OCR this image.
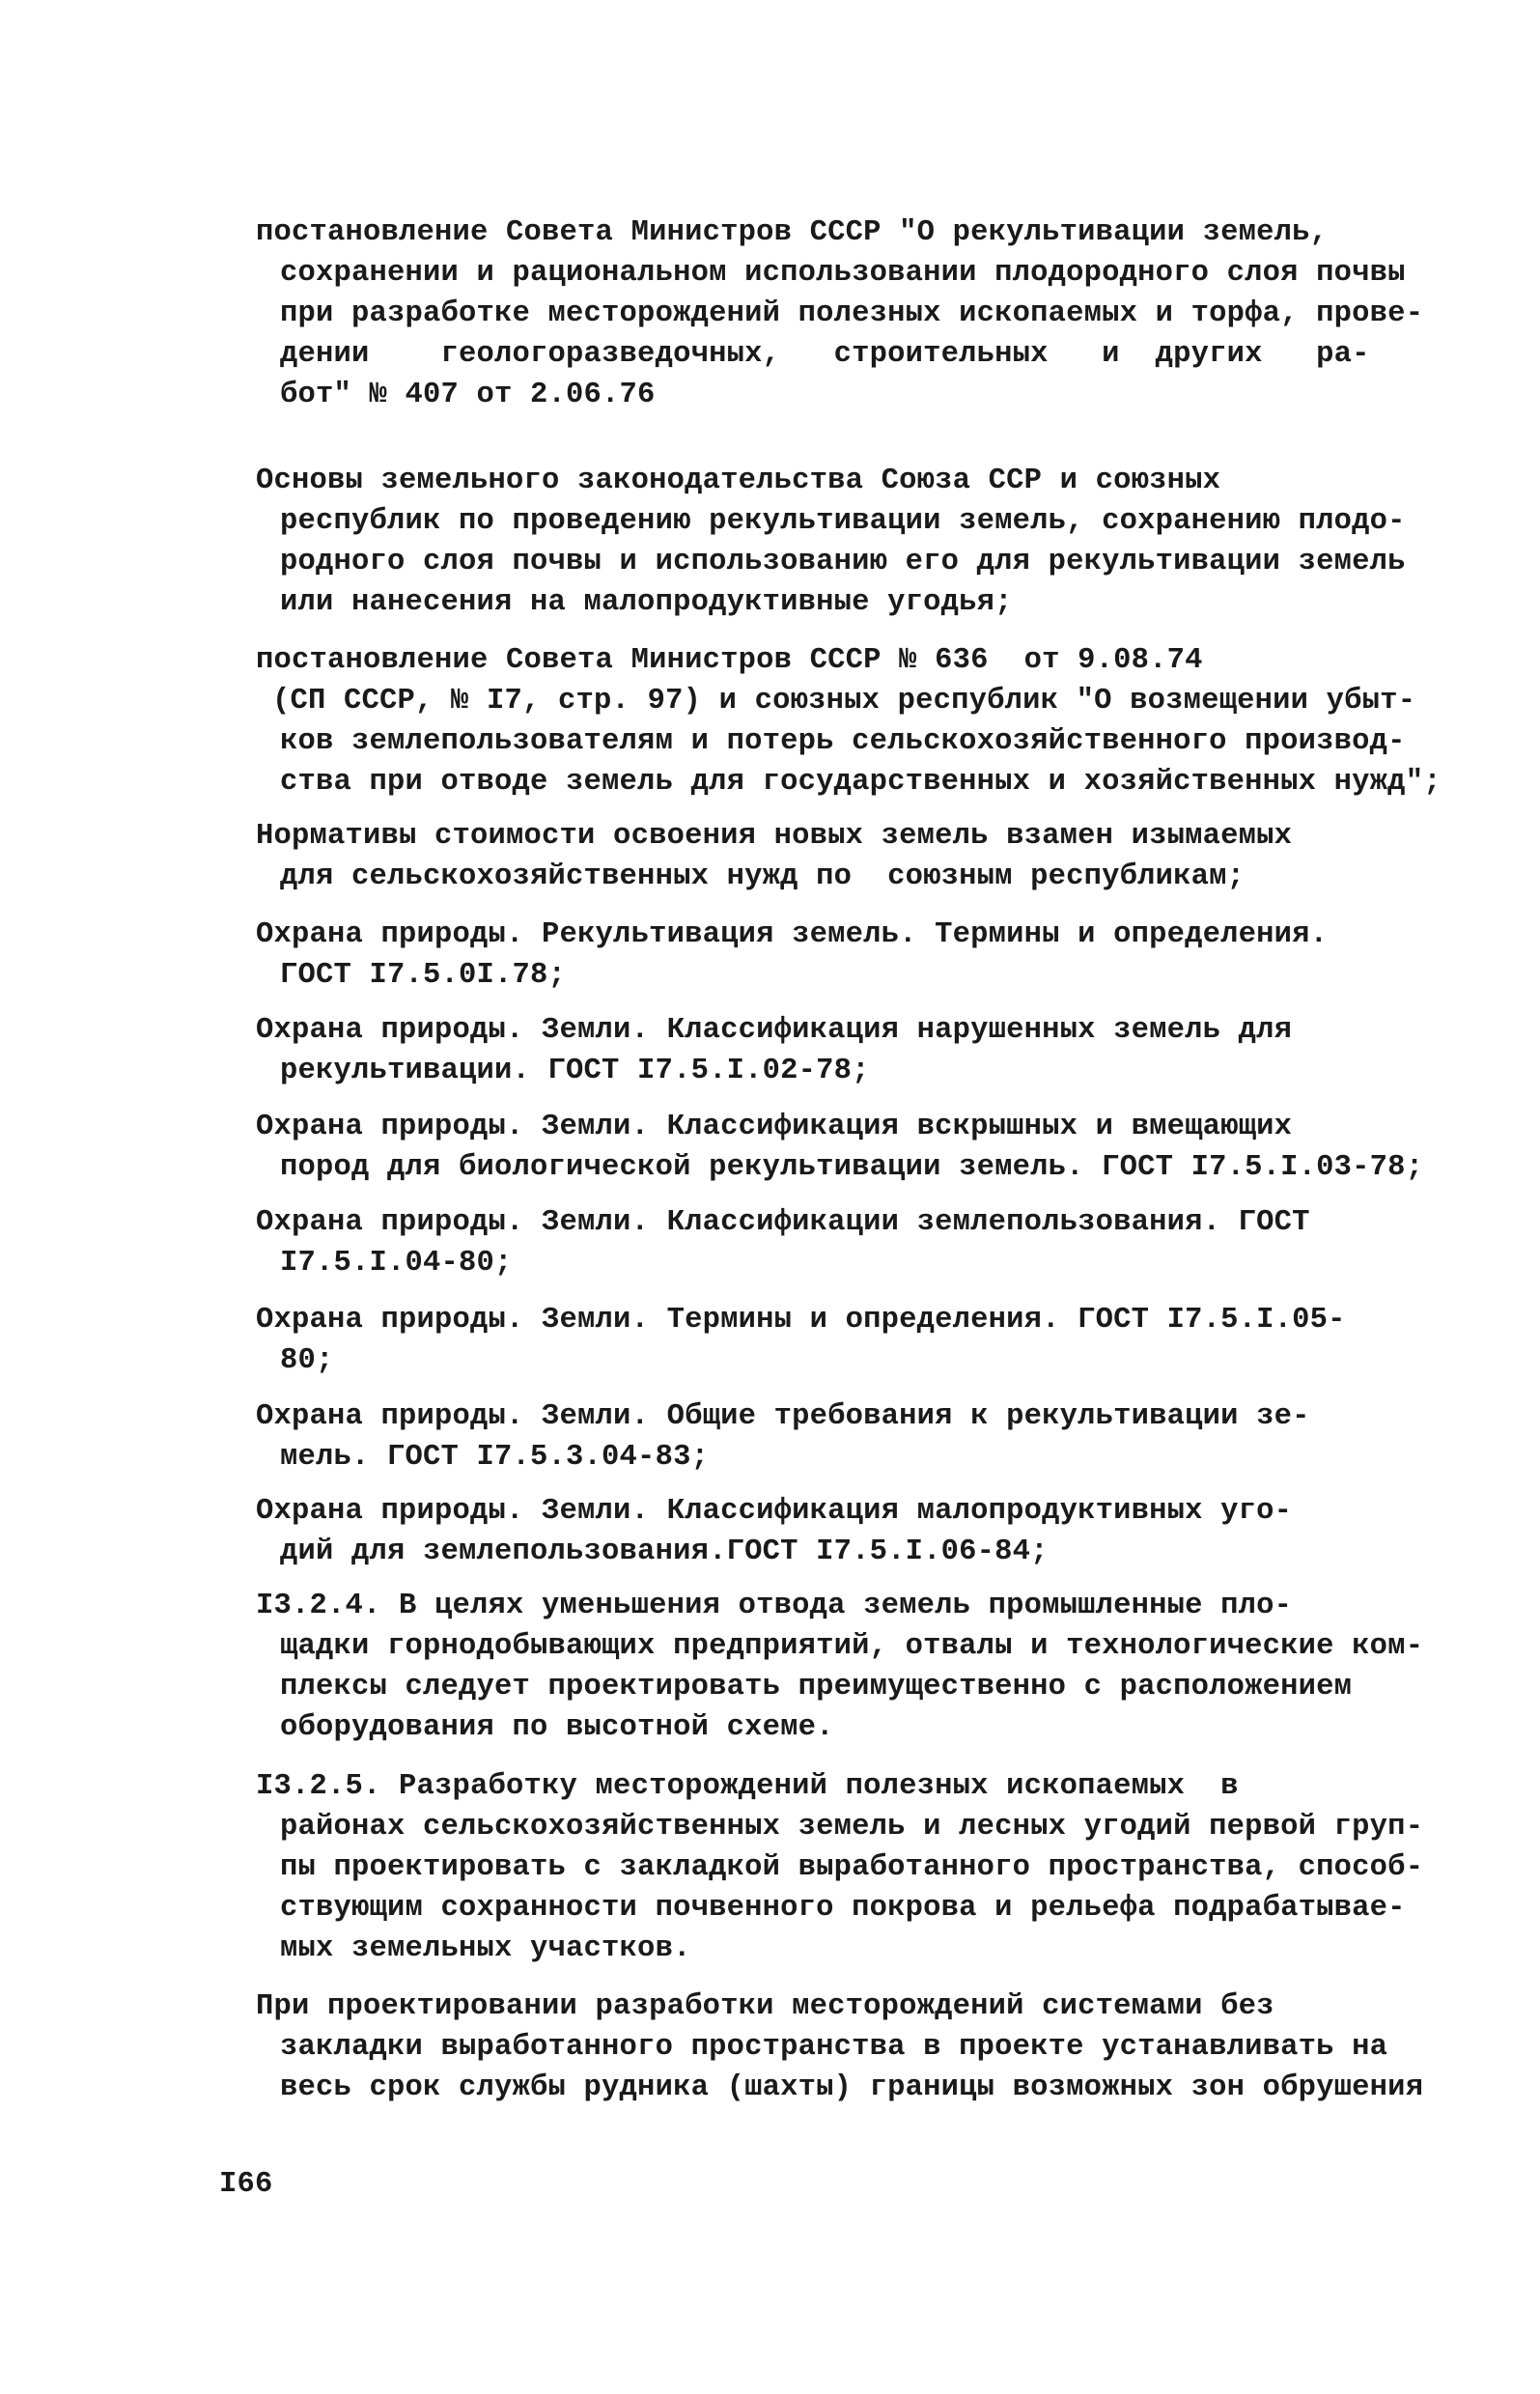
постановление Совета Министров СССР "О рекультивации земель,
сохранении и рациональном использовании плодородного слоя почвы
при разработке месторождений полезных ископаемых и торфа, прове-
дении    геологоразведочных,   строительных   и  других   ра-
бот" № 407 от 2.06.76
Основы земельного законодательства Союза ССР и союзных
республик по проведению рекультивации земель, сохранению плодо-
родного слоя почвы и использованию его для рекультивации земель
или нанесения на малопродуктивные угодья;
постановление Совета Министров СССР № 636  от 9.08.74
(СП СССР, № I7, стр. 97) и союзных республик "О возмещении убыт-
ков землепользователям и потерь сельскохозяйственного производ-
ства при отводе земель для государственных и хозяйственных нужд";
Нормативы стоимости освоения новых земель взамен изымаемых
для сельскохозяйственных нужд по  союзным республикам;
Охрана природы. Рекультивация земель. Термины и определения.
ГОСТ I7.5.0I.78;
Охрана природы. Земли. Классификация нарушенных земель для
рекультивации. ГОСТ I7.5.I.02-78;
Охрана природы. Земли. Классификация вскрышных и вмещающих
пород для биологической рекультивации земель. ГОСТ I7.5.I.03-78;
Охрана природы. Земли. Классификации землепользования. ГОСТ
I7.5.I.04-80;
Охрана природы. Земли. Термины и определения. ГОСТ I7.5.I.05-
80;
Охрана природы. Земли. Общие требования к рекультивации зе-
мель. ГОСТ I7.5.3.04-83;
Охрана природы. Земли. Классификация малопродуктивных уго-
дий для землепользования.ГОСТ I7.5.I.06-84;
I3.2.4. В целях уменьшения отвода земель промышленные пло-
щадки горнодобывающих предприятий, отвалы и технологические ком-
плексы следует проектировать преимущественно с расположением
оборудования по высотной схеме.
I3.2.5. Разработку месторождений полезных ископаемых  в
районах сельскохозяйственных земель и лесных угодий первой груп-
пы проектировать с закладкой выработанного пространства, способ-
ствующим сохранности почвенного покрова и рельефа подрабатывае-
мых земельных участков.
При проектировании разработки месторождений системами без
закладки выработанного пространства в проекте устанавливать на
весь срок службы рудника (шахты) границы возможных зон обрушения
I66
